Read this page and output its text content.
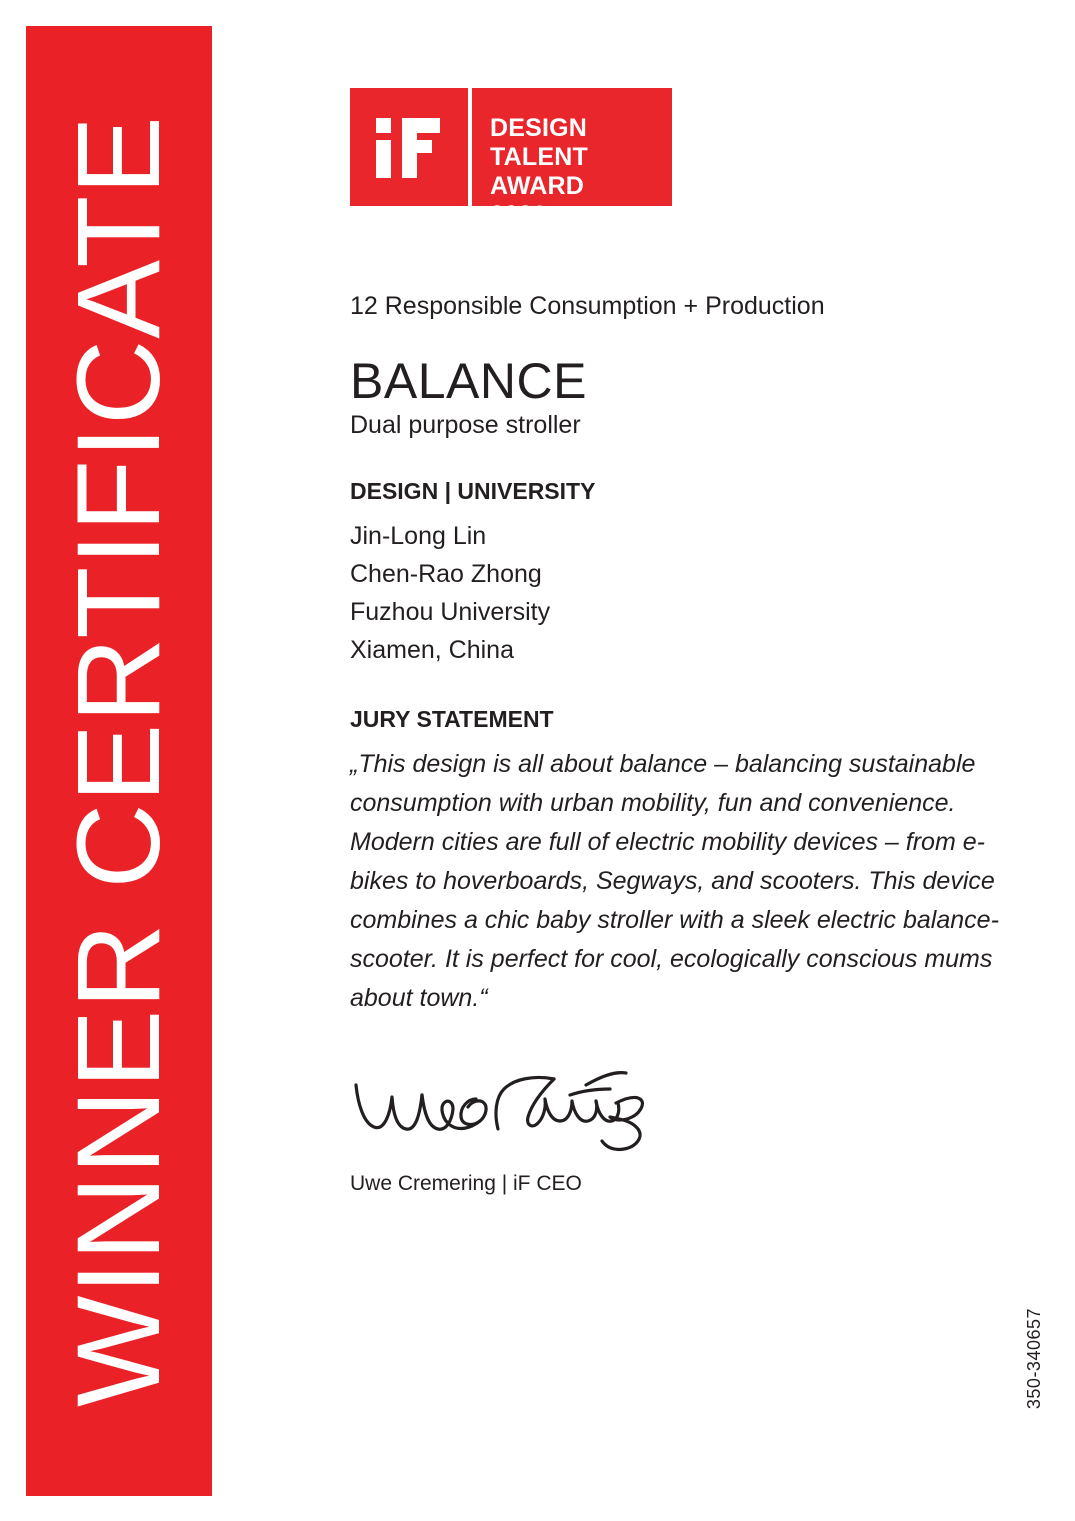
WINNER CERTIFICATE	DESIGN
TALENT AWARD
2021
12 Responsible Consumption + Production
BALANCE
Dual purpose stroller
DESIGN | UNIVERSITY
Jin-Long Lin
Chen-Rao Zhong
Fuzhou University
Xiamen, China
JURY STATEMENT

„This design is all about balance – balancing sustainable consumption with urban mobility, fun and convenience. Modern cities are full of electric mobility devices – from e-bikes to hoverboards, Segways, and scooters. This device combines a chic baby stroller with a sleek electric balance-scooter. It is perfect for cool, ecologically conscious mums about town.“

Uwe Cremering | iF CEO
350-340657
